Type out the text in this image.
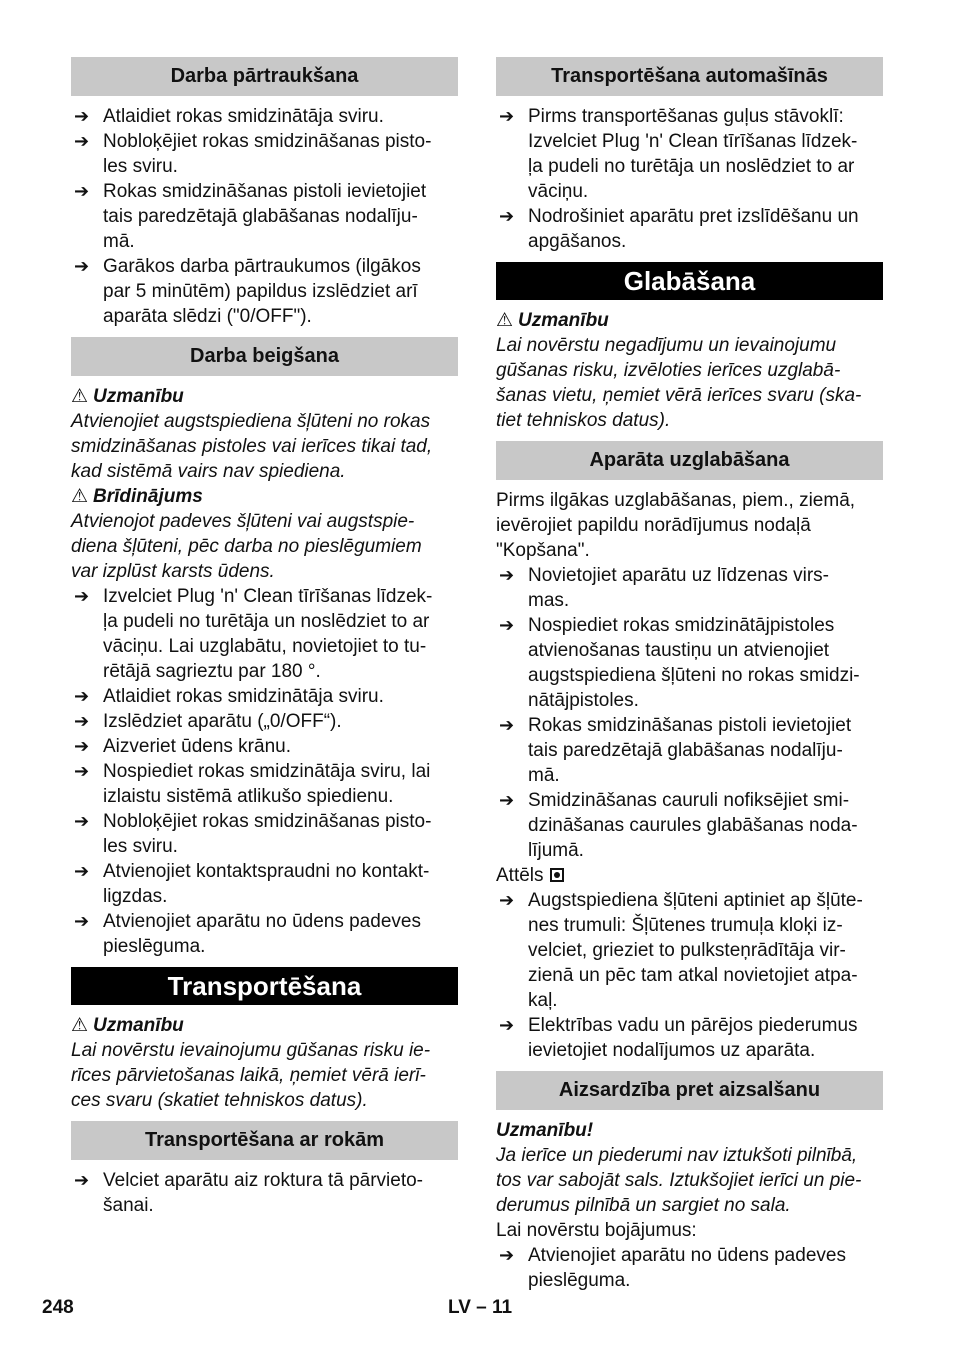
Darba pārtraukšana
➔ Atlaidiet rokas smidzinātāja sviru.
➔ Nobloķējiet rokas smidzināšanas pisto-
les sviru.
➔ Rokas smidzināšanas pistoli ievietojiet
tais paredzētajā glabāšanas nodalīju-
mā.
➔ Garākos darba pārtraukumos (ilgākos
par 5 minūtēm) papildus izslēdziet arī
aparāta slēdzi ("0/OFF").
Darba beigšana
⚠ Uzmanību

Atvienojiet augstspiediena šļūteni no rokas
smidzināšanas pistoles vai ierīces tikai tad,
kad sistēmā vairs nav spiediena.

⚠ Brīdinājums

Atvienojot padeves šļūteni vai augstspie-
diena šļūteni, pēc darba no pieslēgumiem
var izplūst karsts ūdens.

➔ Izvelciet Plug 'n' Clean tīrīšanas līdzek-
ļa pudeli no turētāja un noslēdziet to ar
vāciņu. Lai uzglabātu, novietojiet to tu-
rētājā sagrieztu par 180 °.
➔ Atlaidiet rokas smidzinātāja sviru.
➔ Izslēdziet aparātu („0/OFF“).
➔ Aizveriet ūdens krānu.
➔ Nospiediet rokas smidzinātāja sviru, lai
izlaistu sistēmā atlikušo spiedienu.
➔ Nobloķējiet rokas smidzināšanas pisto-
les sviru.
➔ Atvienojiet kontaktspraudni no kontakt-
ligzdas.
➔ Atvienojiet aparātu no ūdens padeves
pieslēguma.
Transportēšana
⚠ Uzmanību

Lai novērstu ievainojumu gūšanas risku ie-
rīces pārvietošanas laikā, ņemiet vērā ierī-
ces svaru (skatiet tehniskos datus).

Transportēšana ar rokām
➔ Velciet aparātu aiz roktura tā pārvieto-
šanai.
Transportēšana automašīnās
➔ Pirms transportēšanas guļus stāvoklī:
Izvelciet Plug 'n' Clean tīrīšanas līdzek-
ļa pudeli no turētāja un noslēdziet to ar
vāciņu.
➔ Nodrošiniet aparātu pret izslīdēšanu un
apgāšanos.
Glabāšana
⚠ Uzmanību

Lai novērstu negadījumu un ievainojumu
gūšanas risku, izvēloties ierīces uzglabā-
šanas vietu, ņemiet vērā ierīces svaru (ska-
tiet tehniskos datus).

Aparāta uzglabāšana

Pirms ilgākas uzglabāšanas, piem., ziemā,
ievērojiet papildu norādījumus nodaļā
"Kopšana".

➔ Novietojiet aparātu uz līdzenas virs-
mas.
➔ Nospiediet rokas smidzinātājpistoles
atvienošanas taustiņu un atvienojiet
augstspiediena šļūteni no rokas smidzi-
nātājpistoles.
➔ Rokas smidzināšanas pistoli ievietojiet
tais paredzētajā glabāšanas nodalīju-
mā.
➔ Smidzināšanas cauruli nofiksējiet smi-
dzināšanas caurules glabāšanas noda-
lījumā.

Attēls

➔ Augstspiediena šļūteni aptiniet ap šļūte-
nes trumuli: Šļūtenes trumuļa kloķi iz-
velciet, grieziet to pulksteņrādītāja vir-
zienā un pēc tam atkal novietojiet atpa-
kaļ.
➔ Elektrības vadu un pārējos piederumus
ievietojiet nodalījumos uz aparāta.
Aizsardzība pret aizsalšanu
Uzmanību!

Ja ierīce un piederumi nav iztukšoti pilnībā,
tos var sabojāt sals. Iztukšojiet ierīci un pie-
derumus pilnībā un sargiet no sala.

Lai novērstu bojājumus:

➔ Atvienojiet aparātu no ūdens padeves
pieslēguma.
248	LV – 11
